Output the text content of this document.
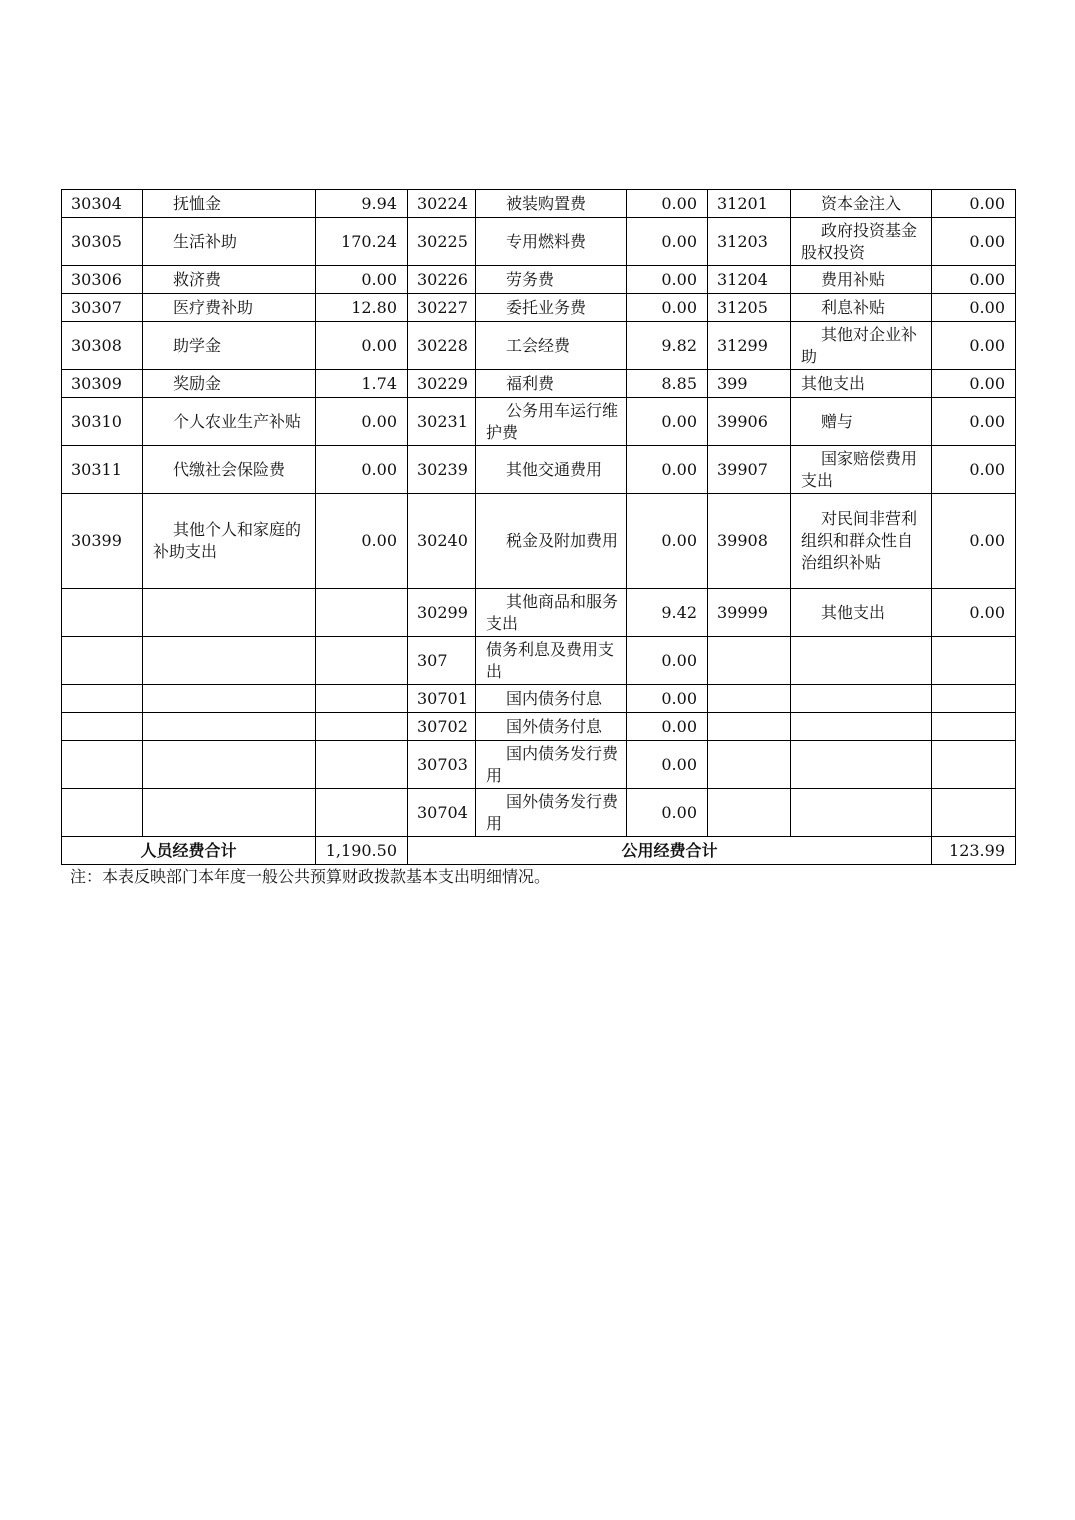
30304	抚恤金	9.94	30224	被装购置费	0.00	31201	资本金注入	0.00
30305	生活补助	170.24	30225	专用燃料费	0.00	31203	政府投资基金股权投资	0.00
30306	救济费	0.00	30226	劳务费	0.00	31204	费用补贴	0.00
30307	医疗费补助	12.80	30227	委托业务费	0.00	31205	利息补贴	0.00
30308	助学金	0.00	30228	工会经费	9.82	31299	其他对企业补助	0.00
30309	奖励金	1.74	30229	福利费	8.85	399	其他支出	0.00
30310	个人农业生产补贴	0.00	30231	公务用车运行维护费	0.00	39906	赠与	0.00
30311	代缴社会保险费	0.00	30239	其他交通费用	0.00	39907	国家赔偿费用支出	0.00
30399	其他个人和家庭的补助支出	0.00	30240	税金及附加费用	0.00	39908	对民间非营利组织和群众性自治组织补贴	0.00

		30299	其他商品和服务支出	9.42	39999	其他支出	0.00

		307	债务利息及费用支出	0.00		

		30701	国内债务付息	0.00		

		30702	国外债务付息	0.00		

		30703	国内债务发行费用	0.00		

		30704	国外债务发行费用	0.00		

人员经费合计		1,190.50	公用经费合计					123.99
注：本表反映部门本年度一般公共预算财政拨款基本支出明细情况。
